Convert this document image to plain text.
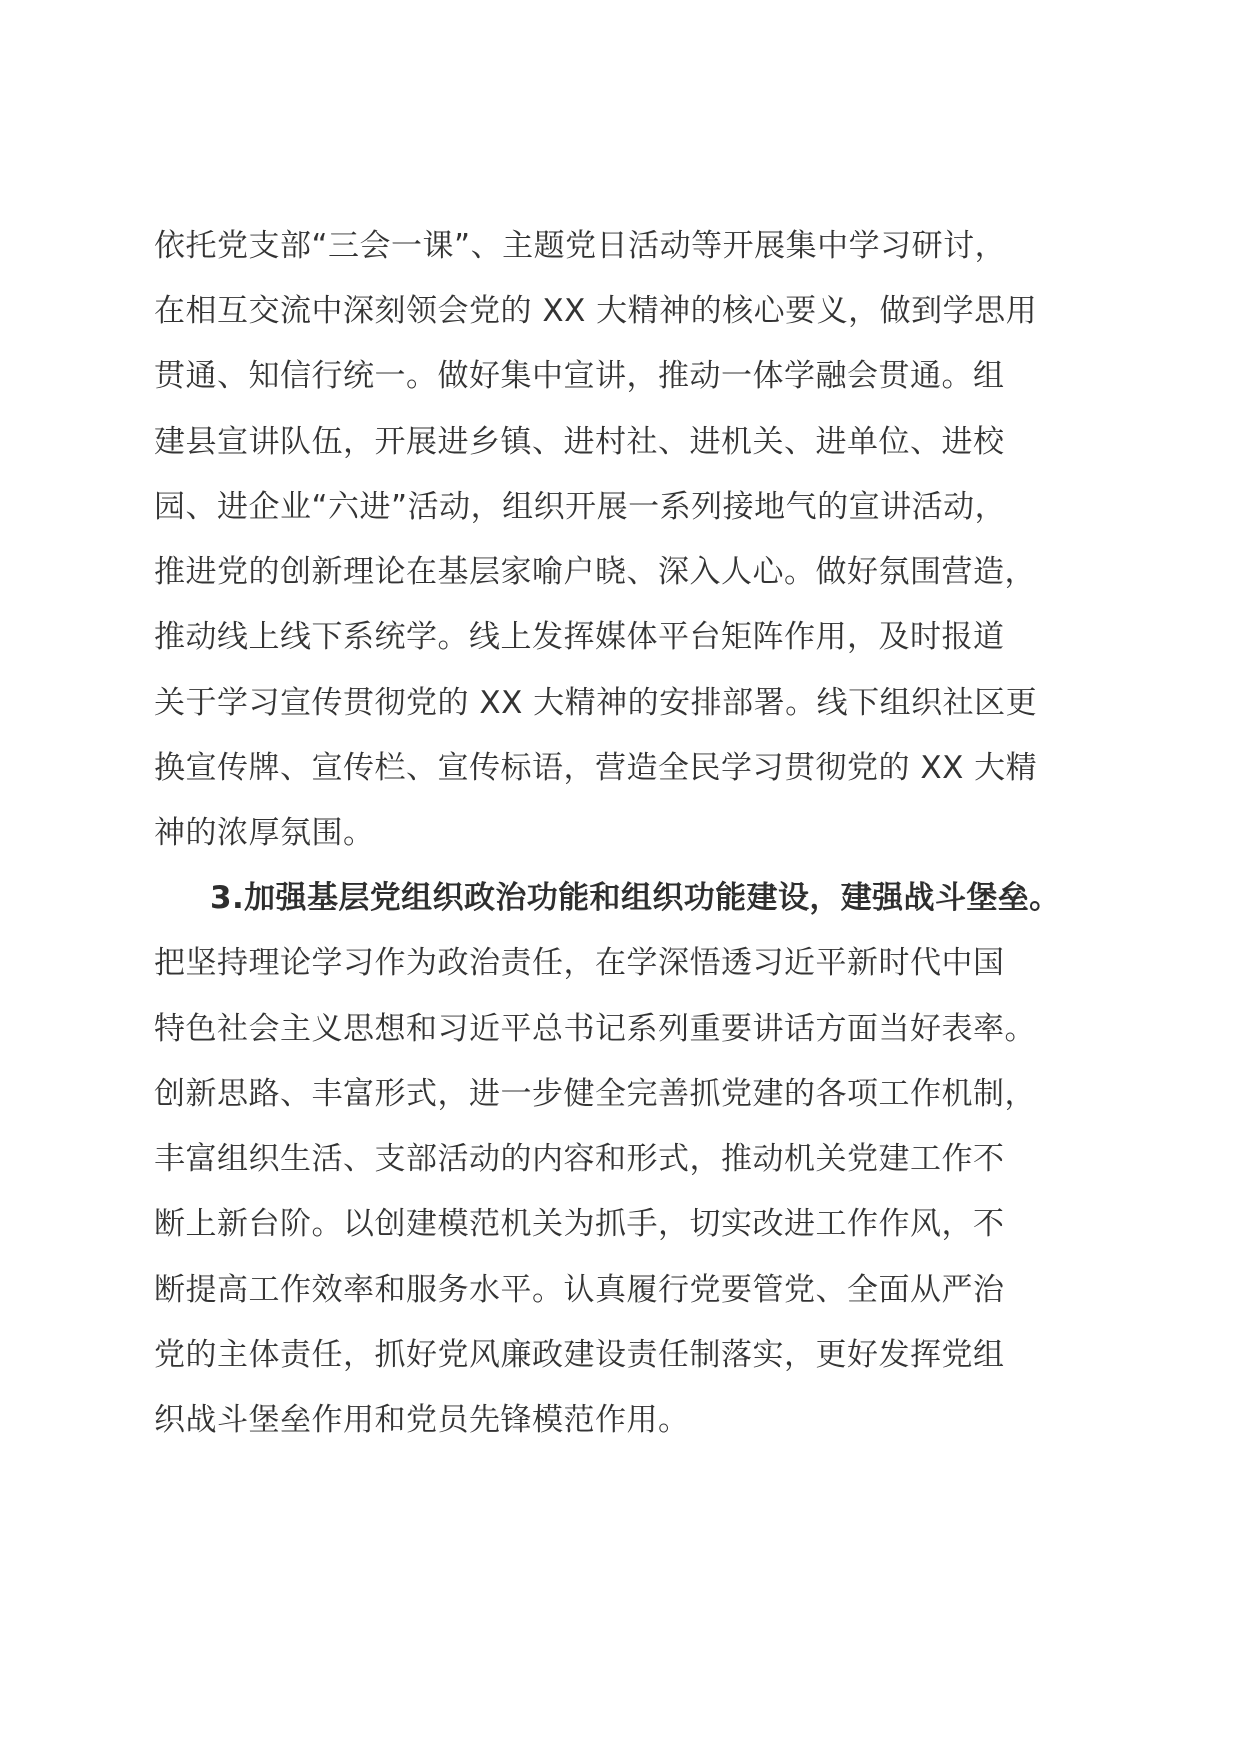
依托党支部“三会一课”、主题党日活动等开展集中学习研讨，
在相互交流中深刻领会党的 XX 大精神的核心要义，做到学思用
贯通、知信行统一。做好集中宣讲，推动一体学融会贯通。组
建县宣讲队伍，开展进乡镇、进村社、进机关、进单位、进校
园、进企业“六进”活动，组织开展一系列接地气的宣讲活动，
推进党的创新理论在基层家喻户晓、深入人心。做好氛围营造，
推动线上线下系统学。线上发挥媒体平台矩阵作用，及时报道
关于学习宣传贯彻党的 XX 大精神的安排部署。线下组织社区更
换宣传牌、宣传栏、宣传标语，营造全民学习贯彻党的 XX 大精
神的浓厚氛围。
3.加强基层党组织政治功能和组织功能建设，建强战斗堡垒。
把坚持理论学习作为政治责任，在学深悟透习近平新时代中国
特色社会主义思想和习近平总书记系列重要讲话方面当好表率。
创新思路、丰富形式，进一步健全完善抓党建的各项工作机制，
丰富组织生活、支部活动的内容和形式，推动机关党建工作不
断上新台阶。以创建模范机关为抓手，切实改进工作作风，不
断提高工作效率和服务水平。认真履行党要管党、全面从严治
党的主体责任，抓好党风廉政建设责任制落实，更好发挥党组
织战斗堡垒作用和党员先锋模范作用。
